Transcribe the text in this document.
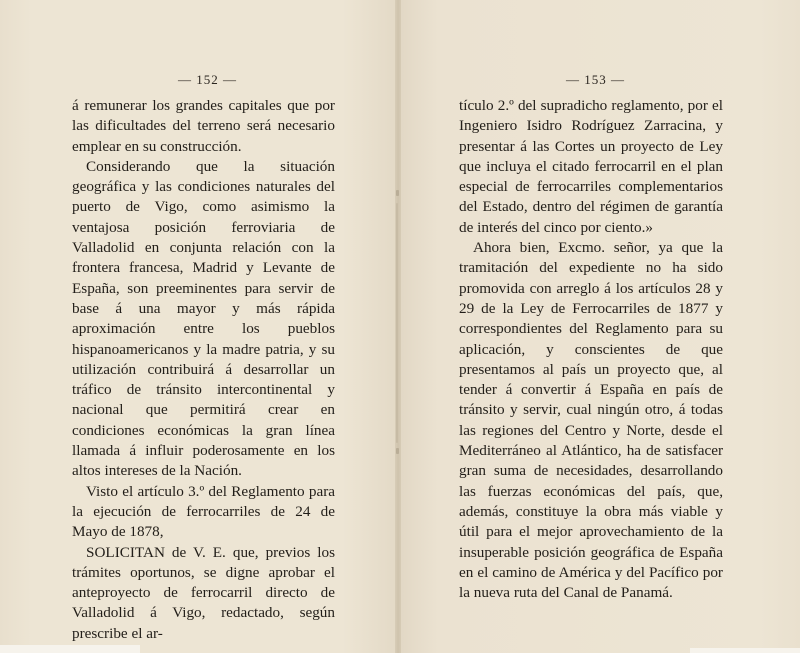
— 152 —	— 153 —

á remunerar los grandes capitales que por las dificultades del terreno será necesario emplear en su construcción.

Considerando que la situación geográfica y las condiciones naturales del puerto de Vigo, como asimismo la ventajosa posición ferroviaria de Valladolid en conjunta relación con la frontera francesa, Madrid y Levante de España, son preeminentes para servir de base á una mayor y más rápida aproximación entre los pueblos hispanoamericanos y la madre patria, y su utilización contribuirá á desarrollar un tráfico de tránsito intercontinental y nacional que permitirá crear en condiciones económicas la gran línea llamada á influir poderosamente en los altos intereses de la Nación.

Visto el artículo 3.º del Reglamento para la ejecución de ferrocarriles de 24 de Mayo de 1878,

SOLICITAN de V. E. que, previos los trámites oportunos, se digne aprobar el anteproyecto de ferrocarril directo de Valladolid á Vigo, redactado, según prescribe el ar-

tículo 2.º del supradicho reglamento, por el Ingeniero Isidro Rodríguez Zarracina, y presentar á las Cortes un proyecto de Ley que incluya el citado ferrocarril en el plan especial de ferrocarriles complementarios del Estado, dentro del régimen de garantía de interés del cinco por ciento.»

Ahora bien, Excmo. señor, ya que la tramitación del expediente no ha sido promovida con arreglo á los artículos 28 y 29 de la Ley de Ferrocarriles de 1877 y correspondientes del Reglamento para su aplicación, y conscientes de que presentamos al país un proyecto que, al tender á convertir á España en país de tránsito y servir, cual ningún otro, á todas las regiones del Centro y Norte, desde el Mediterráneo al Atlántico, ha de satisfacer gran suma de necesidades, desarrollando las fuerzas económicas del país, que, además, constituye la obra más viable y útil para el mejor aprovechamiento de la insuperable posición geográfica de España en el camino de América y del Pacífico por la nueva ruta del Canal de Panamá.
